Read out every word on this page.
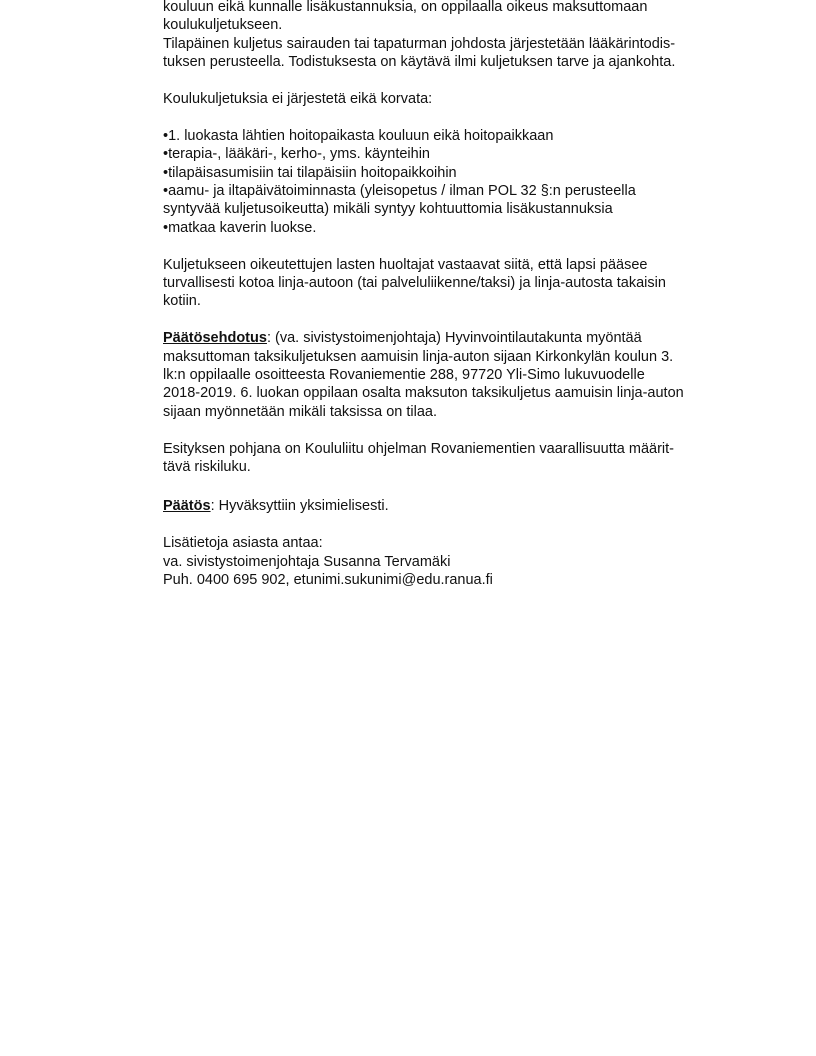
kouluun eikä kunnalle lisäkustannuksia, on oppilaalla oikeus maksuttomaan
koulukuljetukseen.
Tilapäinen kuljetus sairauden tai tapaturman johdosta järjestetään lääkärintodis-
tuksen perusteella. Todistuksesta on käytävä ilmi kuljetuksen tarve ja ajankohta.
Koulukuljetuksia ei järjestetä eikä korvata:
•1. luokasta lähtien hoitopaikasta kouluun eikä hoitopaikkaan
•terapia-, lääkäri-, kerho-, yms. käynteihin
•tilapäisasumisiin tai tilapäisiin hoitopaikkoihin
•aamu- ja iltapäivätoiminnasta (yleisopetus / ilman POL 32 §:n perusteella
syntyvää kuljetusoikeutta) mikäli syntyy kohtuuttomia lisäkustannuksia
•matkaa kaverin luokse.
Kuljetukseen oikeutettujen lasten huoltajat vastaavat siitä, että lapsi pääsee
turvallisesti kotoa linja-autoon (tai palveluliikenne/taksi) ja linja-autosta takaisin
kotiin.
Päätösehdotus: (va. sivistystoimenjohtaja) Hyvinvointilautakunta myöntää
maksuttoman taksikuljetuksen aamuisin linja-auton sijaan Kirkonkylän koulun 3.
lk:n oppilaalle osoitteesta Rovaniementie 288, 97720 Yli-Simo lukuvuodelle
2018-2019. 6. luokan oppilaan osalta maksuton taksikuljetus aamuisin linja-auton
sijaan myönnetään mikäli taksissa on tilaa.
Esityksen pohjana on Koululiitu ohjelman Rovaniementien vaarallisuutta määrit-
tävä riskiluku.
Päätös: Hyväksyttiin yksimielisesti.
Lisätietoja asiasta antaa:
va. sivistystoimenjohtaja Susanna Tervamäki
Puh. 0400 695 902, etunimi.sukunimi@edu.ranua.fi
